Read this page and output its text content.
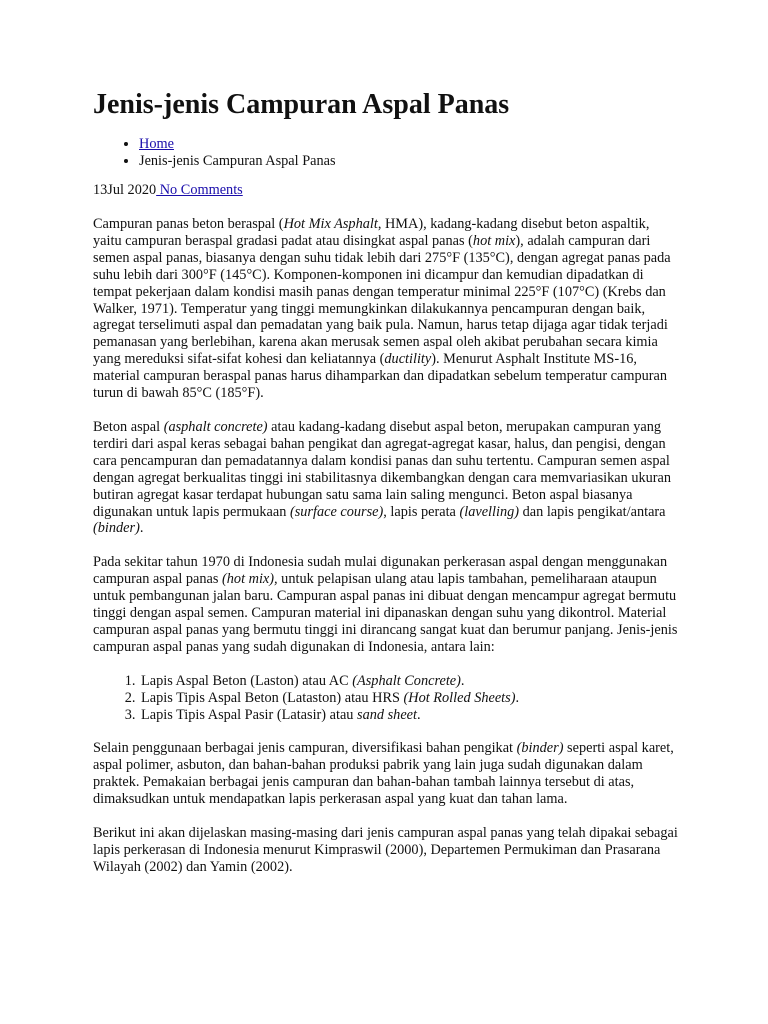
Jenis-jenis Campuran Aspal Panas
• Home
• Jenis-jenis Campuran Aspal Panas
13Jul 2020 No Comments

Campuran panas beton beraspal (Hot Mix Asphalt, HMA), kadang-kadang disebut beton aspaltik, yaitu campuran beraspal gradasi padat atau disingkat aspal panas (hot mix), adalah campuran dari semen aspal panas, biasanya dengan suhu tidak lebih dari 275°F (135°C), dengan agregat panas pada suhu lebih dari 300°F (145°C). Komponen-komponen ini dicampur dan kemudian dipadatkan di tempat pekerjaan dalam kondisi masih panas dengan temperatur minimal 225°F (107°C) (Krebs dan Walker, 1971). Temperatur yang tinggi memungkinkan dilakukannya pencampuran dengan baik, agregat terselimuti aspal dan pemadatan yang baik pula. Namun, harus tetap dijaga agar tidak terjadi pemanasan yang berlebihan, karena akan merusak semen aspal oleh akibat perubahan secara kimia yang mereduksi sifat-sifat kohesi dan keliatannya (ductility). Menurut Asphalt Institute MS-16, material campuran beraspal panas harus dihamparkan dan dipadatkan sebelum temperatur campuran turun di bawah 85°C (185°F).

Beton aspal (asphalt concrete) atau kadang-kadang disebut aspal beton, merupakan campuran yang terdiri dari aspal keras sebagai bahan pengikat dan agregat-agregat kasar, halus, dan pengisi, dengan cara pencampuran dan pemadatannya dalam kondisi panas dan suhu tertentu. Campuran semen aspal dengan agregat berkualitas tinggi ini stabilitasnya dikembangkan dengan cara memvariasikan ukuran butiran agregat kasar terdapat hubungan satu sama lain saling mengunci. Beton aspal biasanya digunakan untuk lapis permukaan (surface course), lapis perata (lavelling) dan lapis pengikat/antara (binder).

Pada sekitar tahun 1970 di Indonesia sudah mulai digunakan perkerasan aspal dengan menggunakan campuran aspal panas (hot mix), untuk pelapisan ulang atau lapis tambahan, pemeliharaan ataupun untuk pembangunan jalan baru. Campuran aspal panas ini dibuat dengan mencampur agregat bermutu tinggi dengan aspal semen. Campuran material ini dipanaskan dengan suhu yang dikontrol. Material campuran aspal panas yang bermutu tinggi ini dirancang sangat kuat dan berumur panjang. Jenis-jenis campuran aspal panas yang sudah digunakan di Indonesia, antara lain:

1. Lapis Aspal Beton (Laston) atau AC (Asphalt Concrete).
2. Lapis Tipis Aspal Beton (Lataston) atau HRS (Hot Rolled Sheets).
3. Lapis Tipis Aspal Pasir (Latasir) atau sand sheet.

Selain penggunaan berbagai jenis campuran, diversifikasi bahan pengikat (binder) seperti aspal karet, aspal polimer, asbuton, dan bahan-bahan produksi pabrik yang lain juga sudah digunakan dalam praktek. Pemakaian berbagai jenis campuran dan bahan-bahan tambah lainnya tersebut di atas, dimaksudkan untuk mendapatkan lapis perkerasan aspal yang kuat dan tahan lama.

Berikut ini akan dijelaskan masing-masing dari jenis campuran aspal panas yang telah dipakai sebagai lapis perkerasan di Indonesia menurut Kimpraswil (2000), Departemen Permukiman dan Prasarana Wilayah (2002) dan Yamin (2002).
